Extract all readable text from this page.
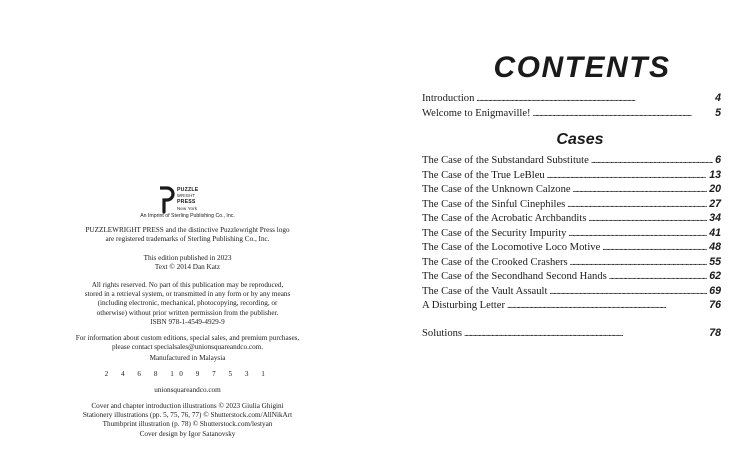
PUZZLE
WRIGHT
PRESS
New York
An Imprint of Sterling Publishing Co., Inc.
PUZZLEWRIGHT PRESS and the distinctive Puzzlewright Press logo
are registered trademarks of Sterling Publishing Co., Inc.
This edition published in 2023
Text © 2014 Dan Katz
All rights reserved. No part of this publication may be reproduced,
stored in a retrieval system, or transmitted in any form or by any means
(including electronic, mechanical, photocopying, recording, or
otherwise) without prior written permission from the publisher.
ISBN 978-1-4549-4929-9
For information about custom editions, special sales, and premium purchases,
please contact specialsales@unionsquareandco.com.
Manufactured in Malaysia
2 4 6 8 10 9 7 5 3 1
unionsquareandco.com
Cover and chapter introduction illustrations © 2023 Giulia Ghigini
Stationery illustrations (pp. 5, 75, 76, 77) © Shutterstock.com/AllNikArt
Thumbprint illustration (p. 78) © Shutterstock.com/lestyan
Cover design by Igor Satanovsky
CONTENTS
Introduction . . .	4
Welcome to Enigmaville! . . .	5
Cases
The Case of the Substandard Substitute . . .	6
The Case of the True LeBleu . . .	13
The Case of the Unknown Calzone . . .	20
The Case of the Sinful Cinephiles . . .	27
The Case of the Acrobatic Archbandits . . .	34
The Case of the Security Impurity . . .	41
The Case of the Locomotive Loco Motive . . .	48
The Case of the Crooked Crashers . . .	55
The Case of the Secondhand Second Hands . . .	62
The Case of the Vault Assault . . .	69
A Disturbing Letter . . .	76
Solutions . . .	78
